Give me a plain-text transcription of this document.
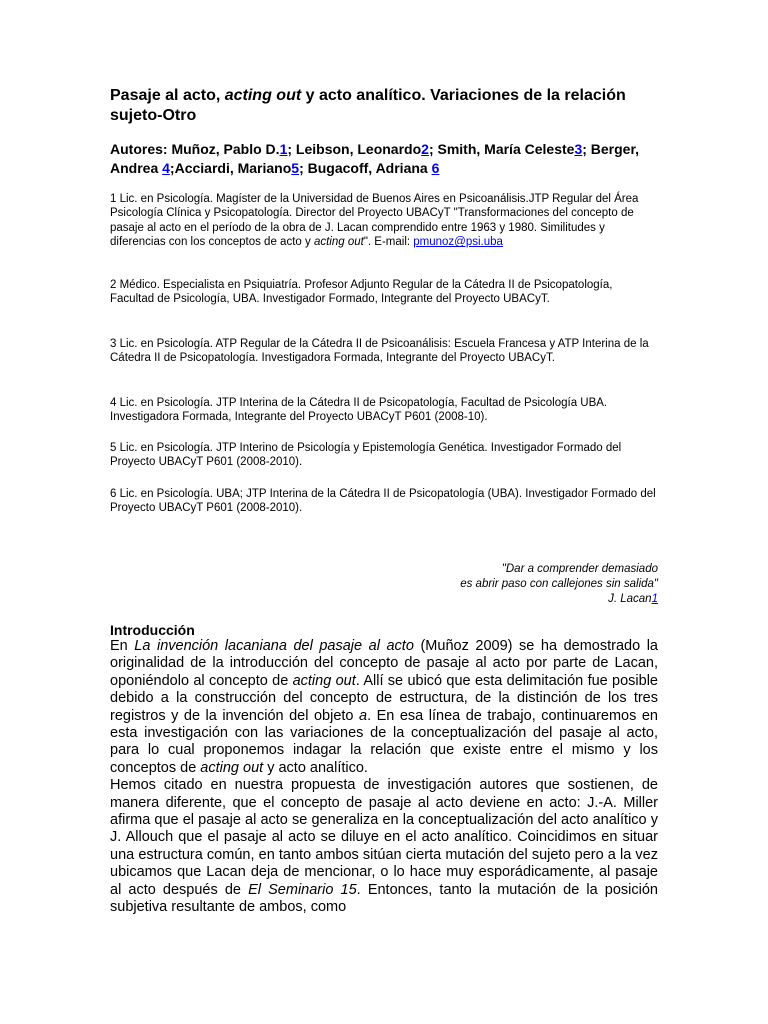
Pasaje al acto, acting out y acto analítico. Variaciones de la relación sujeto-Otro

Autores: Muñoz, Pablo D.1; Leibson, Leonardo2; Smith, María Celeste3; Berger, Andrea 4;Acciardi, Mariano5; Bugacoff, Adriana 6

1 Lic. en Psicología. Magíster de la Universidad de Buenos Aires en Psicoanálisis.JTP Regular del Área Psicología Clínica y Psicopatología. Director del Proyecto UBACyT "Transformaciones del concepto de pasaje al acto en el período de la obra de J. Lacan comprendido entre 1963 y 1980. Similitudes y diferencias con los conceptos de acto y acting out". E-mail: pmunoz@psi.uba

2 Médico. Especialista en Psiquiatría. Profesor Adjunto Regular de la Cátedra II de Psicopatología, Facultad de Psicología, UBA. Investigador Formado, Integrante del Proyecto UBACyT.

3 Lic. en Psicología. ATP Regular de la Cátedra II de Psicoanálisis: Escuela Francesa y ATP Interina de la Cátedra II de Psicopatología. Investigadora Formada, Integrante del Proyecto UBACyT.

4 Lic. en Psicología. JTP Interina de la Cátedra II de Psicopatología, Facultad de Psicología UBA. Investigadora Formada, Integrante del Proyecto UBACyT P601 (2008-10).

5 Lic. en Psicología. JTP Interino de Psicología y Epistemología Genética. Investigador Formado del Proyecto UBACyT P601 (2008-2010).

6 Lic. en Psicología. UBA; JTP Interina de la Cátedra II de Psicopatología (UBA). Investigador Formado del Proyecto UBACyT P601 (2008-2010).

"Dar a comprender demasiado
es abrir paso con callejones sin salida"
J. Lacan1
Introducción

En La invención lacaniana del pasaje al acto (Muñoz 2009) se ha demostrado la originalidad de la introducción del concepto de pasaje al acto por parte de Lacan, oponiéndolo al concepto de acting out. Allí se ubicó que esta delimitación fue posible debido a la construcción del concepto de estructura, de la distinción de los tres registros y de la invención del objeto a. En esa línea de trabajo, continuaremos en esta investigación con las variaciones de la conceptualización del pasaje al acto, para lo cual proponemos indagar la relación que existe entre el mismo y los conceptos de acting out y acto analítico.

Hemos citado en nuestra propuesta de investigación autores que sostienen, de manera diferente, que el concepto de pasaje al acto deviene en acto: J.-A. Miller afirma que el pasaje al acto se generaliza en la conceptualización del acto analítico y J. Allouch que el pasaje al acto se diluye en el acto analítico. Coincidimos en situar una estructura común, en tanto ambos sitúan cierta mutación del sujeto pero a la vez ubicamos que Lacan deja de mencionar, o lo hace muy esporádicamente, al pasaje al acto después de El Seminario 15. Entonces, tanto la mutación de la posición subjetiva resultante de ambos, como
